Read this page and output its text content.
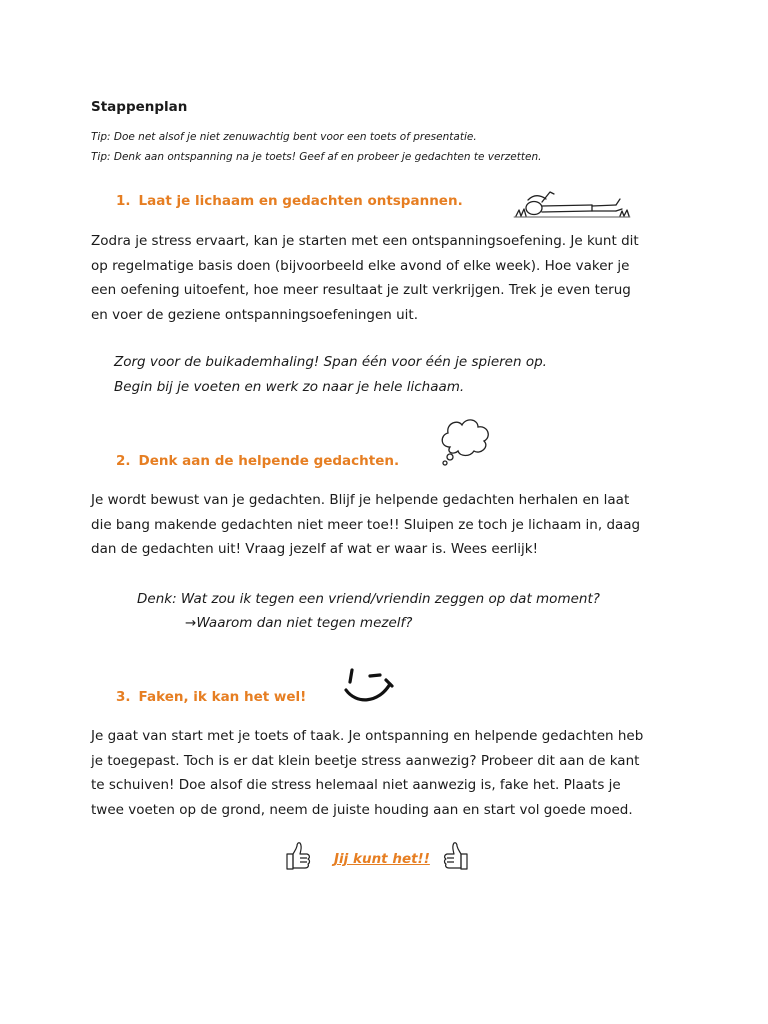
Stappenplan
Tip: Doe net alsof je niet zenuwachtig bent voor een toets of presentatie.
Tip: Denk aan ontspanning na je toets! Geef af en probeer je gedachten te verzetten.
1. Laat je lichaam en gedachten ontspannen.
Zodra je stress ervaart, kan je starten met een ontspanningsoefening. Je kunt dit
op regelmatige basis doen (bijvoorbeeld elke avond of elke week). Hoe vaker je
een oefening uitoefent, hoe meer resultaat je zult verkrijgen. Trek je even terug
en voer de geziene ontspanningsoefeningen uit.
Zorg voor de buikademhaling! Span één voor één je spieren op.
Begin bij je voeten en werk zo naar je hele lichaam.
2. Denk aan de helpende gedachten.
Je wordt bewust van je gedachten. Blijf je helpende gedachten herhalen en laat
die bang makende gedachten niet meer toe!! Sluipen ze toch je lichaam in, daag
dan de gedachten uit! Vraag jezelf af wat er waar is. Wees eerlijk!
Denk: Wat zou ik tegen een vriend/vriendin zeggen op dat moment?
→Waarom dan niet tegen mezelf?
3. Faken, ik kan het wel!
Je gaat van start met je toets of taak. Je ontspanning en helpende gedachten heb
je toegepast. Toch is er dat klein beetje stress aanwezig? Probeer dit aan de kant
te schuiven! Doe alsof die stress helemaal niet aanwezig is, fake het. Plaats je
twee voeten op de grond, neem de juiste houding aan en start vol goede moed.
Jij kunt het!!
